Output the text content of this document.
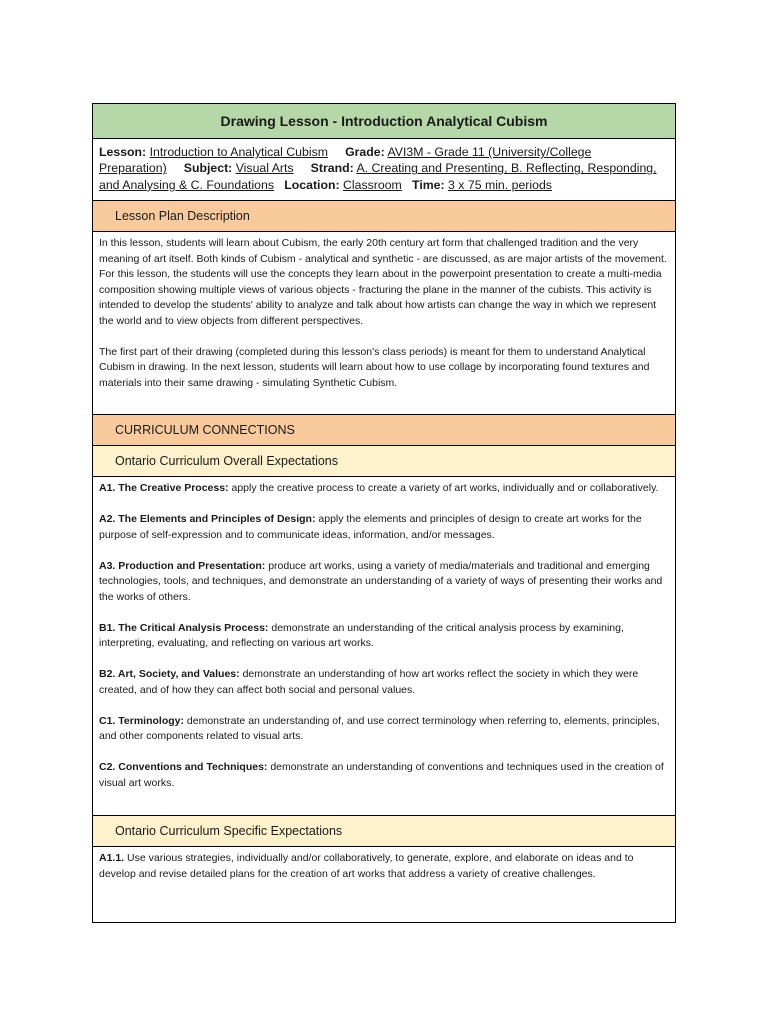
Drawing Lesson - Introduction Analytical Cubism
Lesson: Introduction to Analytical Cubism Grade: AVI3M - Grade 11 (University/College Preparation) Subject: Visual Arts Strand: A. Creating and Presenting, B. Reflecting, Responding, and Analysing & C. Foundations Location: Classroom Time: 3 x 75 min. periods
Lesson Plan Description

In this lesson, students will learn about Cubism, the early 20th century art form that challenged tradition and the very meaning of art itself. Both kinds of Cubism - analytical and synthetic - are discussed, as are major artists of the movement. For this lesson, the students will use the concepts they learn about in the powerpoint presentation to create a multi-media composition showing multiple views of various objects - fracturing the plane in the manner of the cubists. This activity is intended to develop the students' ability to analyze and talk about how artists can change the way in which we represent the world and to view objects from different perspectives.

The first part of their drawing (completed during this lesson's class periods) is meant for them to understand Analytical Cubism in drawing. In the next lesson, students will learn about how to use collage by incorporating found textures and materials into their same drawing - simulating Synthetic Cubism.

CURRICULUM CONNECTIONS
Ontario Curriculum Overall Expectations

A1. The Creative Process: apply the creative process to create a variety of art works, individually and or collaboratively.

A2. The Elements and Principles of Design: apply the elements and principles of design to create art works for the purpose of self-expression and to communicate ideas, information, and/or messages.

A3. Production and Presentation: produce art works, using a variety of media/materials and traditional and emerging technologies, tools, and techniques, and demonstrate an understanding of a variety of ways of presenting their works and the works of others.

B1. The Critical Analysis Process: demonstrate an understanding of the critical analysis process by examining, interpreting, evaluating, and reflecting on various art works.

B2. Art, Society, and Values: demonstrate an understanding of how art works reflect the society in which they were created, and of how they can affect both social and personal values.

C1. Terminology: demonstrate an understanding of, and use correct terminology when referring to, elements, principles, and other components related to visual arts.

C2. Conventions and Techniques: demonstrate an understanding of conventions and techniques used in the creation of visual art works.

Ontario Curriculum Specific Expectations

A1.1. Use various strategies, individually and/or collaboratively, to generate, explore, and elaborate on ideas and to develop and revise detailed plans for the creation of art works that address a variety of creative challenges.
